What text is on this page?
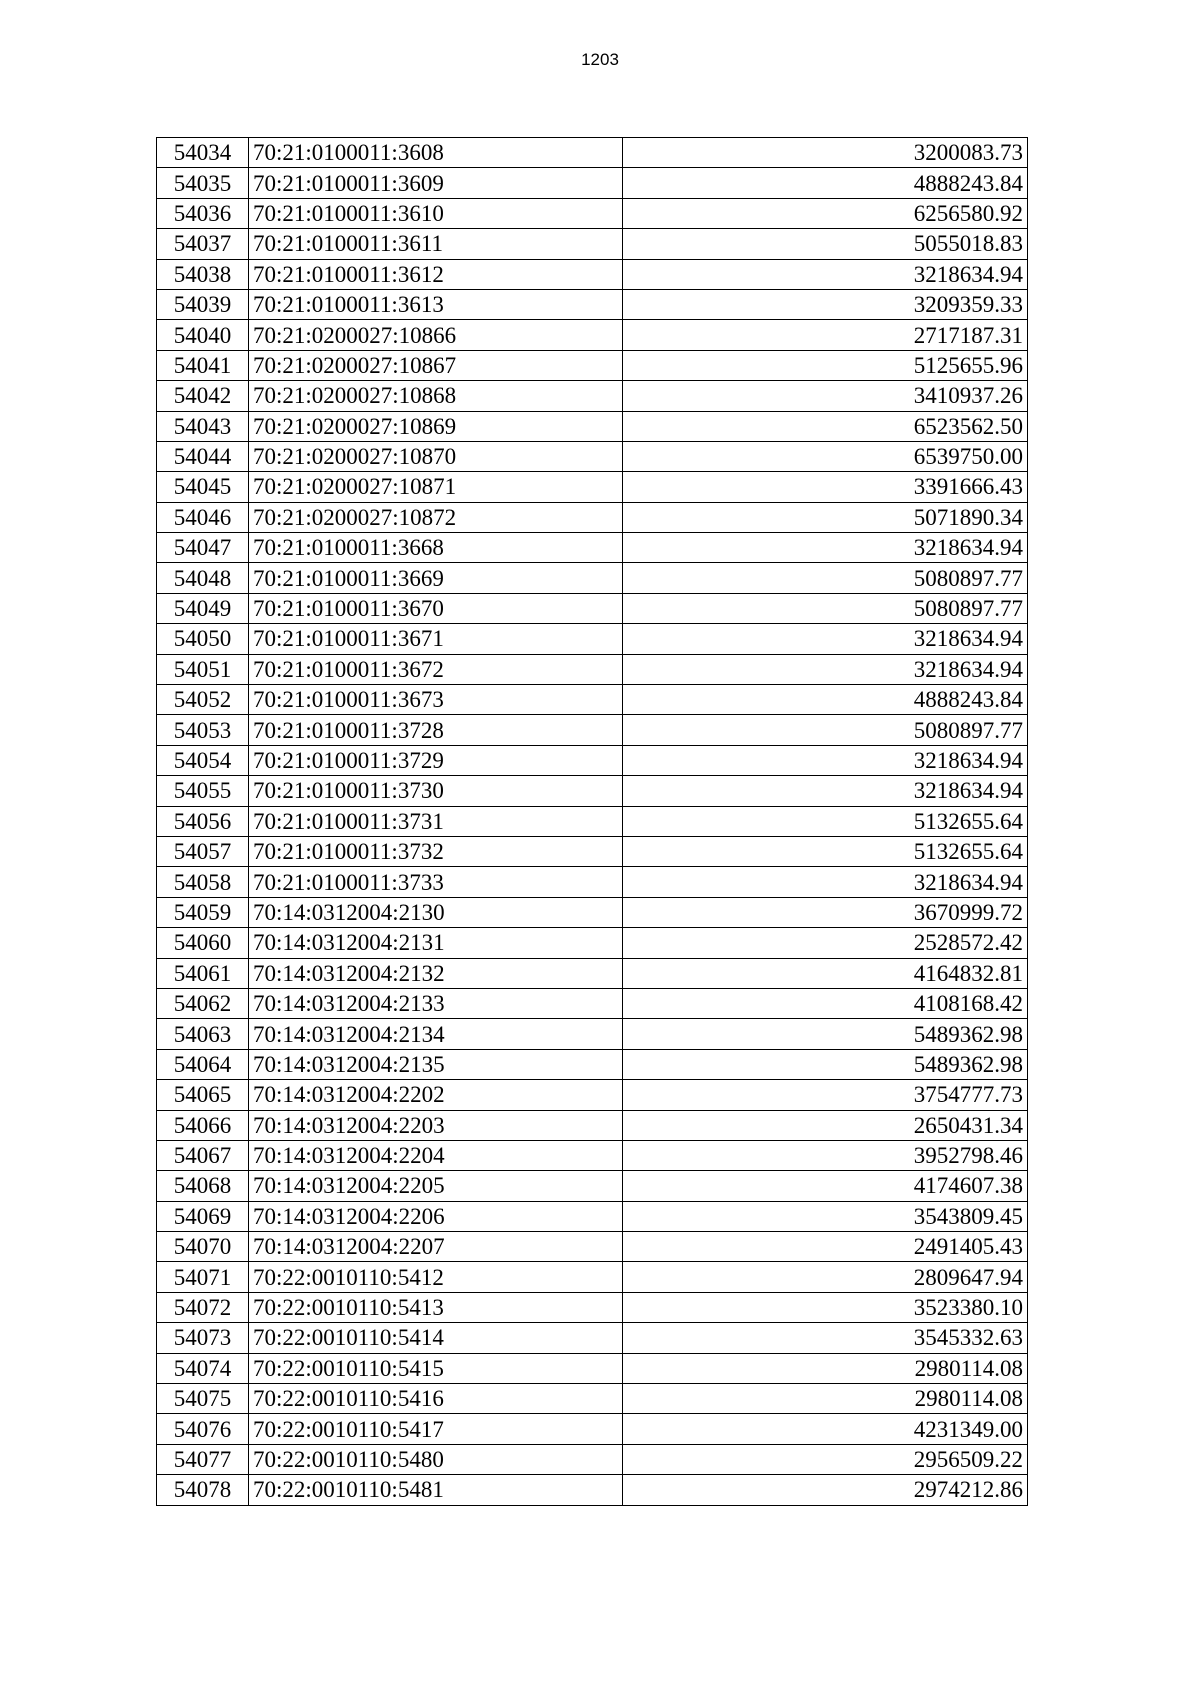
1203
54034	70:21:0100011:3608	3200083.73
54035	70:21:0100011:3609	4888243.84
54036	70:21:0100011:3610	6256580.92
54037	70:21:0100011:3611	5055018.83
54038	70:21:0100011:3612	3218634.94
54039	70:21:0100011:3613	3209359.33
54040	70:21:0200027:10866	2717187.31
54041	70:21:0200027:10867	5125655.96
54042	70:21:0200027:10868	3410937.26
54043	70:21:0200027:10869	6523562.50
54044	70:21:0200027:10870	6539750.00
54045	70:21:0200027:10871	3391666.43
54046	70:21:0200027:10872	5071890.34
54047	70:21:0100011:3668	3218634.94
54048	70:21:0100011:3669	5080897.77
54049	70:21:0100011:3670	5080897.77
54050	70:21:0100011:3671	3218634.94
54051	70:21:0100011:3672	3218634.94
54052	70:21:0100011:3673	4888243.84
54053	70:21:0100011:3728	5080897.77
54054	70:21:0100011:3729	3218634.94
54055	70:21:0100011:3730	3218634.94
54056	70:21:0100011:3731	5132655.64
54057	70:21:0100011:3732	5132655.64
54058	70:21:0100011:3733	3218634.94
54059	70:14:0312004:2130	3670999.72
54060	70:14:0312004:2131	2528572.42
54061	70:14:0312004:2132	4164832.81
54062	70:14:0312004:2133	4108168.42
54063	70:14:0312004:2134	5489362.98
54064	70:14:0312004:2135	5489362.98
54065	70:14:0312004:2202	3754777.73
54066	70:14:0312004:2203	2650431.34
54067	70:14:0312004:2204	3952798.46
54068	70:14:0312004:2205	4174607.38
54069	70:14:0312004:2206	3543809.45
54070	70:14:0312004:2207	2491405.43
54071	70:22:0010110:5412	2809647.94
54072	70:22:0010110:5413	3523380.10
54073	70:22:0010110:5414	3545332.63
54074	70:22:0010110:5415	2980114.08
54075	70:22:0010110:5416	2980114.08
54076	70:22:0010110:5417	4231349.00
54077	70:22:0010110:5480	2956509.22
54078	70:22:0010110:5481	2974212.86
